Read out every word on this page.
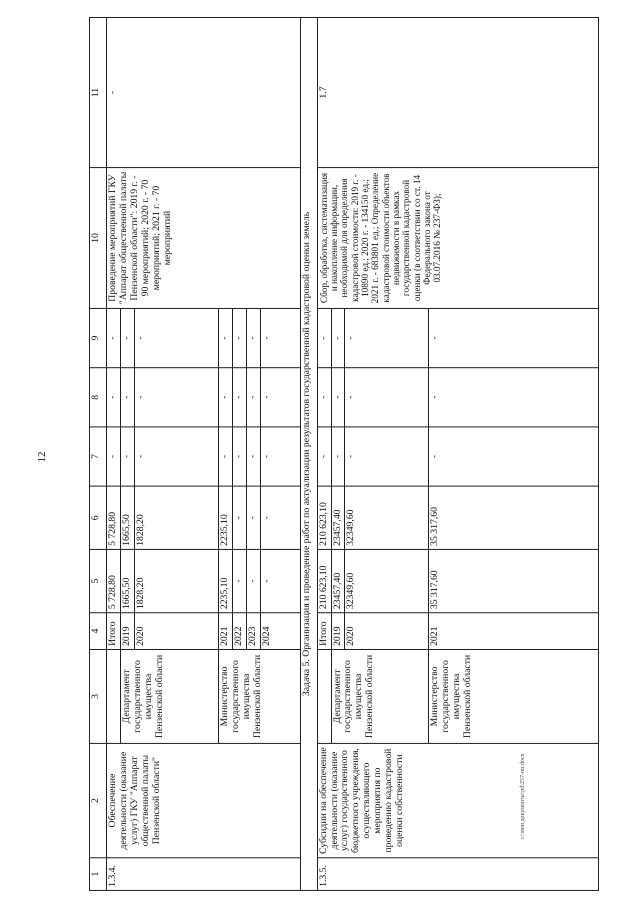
12
1	2	3	4	5	6	7	8	9	10	11
1.3.4.	Обеспечение деятельности (оказание услуг) ГКУ "Аппарат общественной палаты Пензенской области"		Итого	5 728,80	5 728,80	-	-	-	Проведение мероприятий ГКУ "Аппарат общественной палаты Пензенской области": 2019 г. - 90 мероприятий; 2020 г. - 70 мероприятий; 2021 г. - 70 мероприятий	-
		Департамент государственного имущества Пензенской области	2019	1665,50	1665,50	-	-	-		
			2020	1828,20	1828,20	-	-	-		
		Министерство государственного имущества Пензенской области	2021	2235,10	2235,10	-	-	-		
			2022	-	-	-	-	-		
			2023	-	-	-	-	-		
			2024	-	-	-	-	-		
Задача 5. Организация и проведение работ по актуализации результатов государственной кадастровой оценки земель										
1.3.5.	Субсидии на обеспечение деятельности (оказание услуг) государственного бюджетного учреждения, осуществляющего мероприятия по проведению кадастровой оценки собственности		Итого	210 623,10	210 623,10	-	-	-	Сбор, обработка, систематизация и накопление информации, необходимой для определения кадастровой стоимости: 2019 г. - 10890 ед.; 2020 г. - 134150 ед.; 2021 г. - 683801 ед.; Определение кадастровой стоимости объектов недвижимости в рамках государственной кадастровой оценки (в соответствии со ст. 14 Федерального закона от 03.07.2016 № 237-ФЗ);	1.7
		Департамент государственного имущества Пензенской области	2019	23457,40	23457,40	-	-	-		
			2020	32349,60	32349,60	-	-	-		
		Министерство государственного имущества Пензенской области	2021	35 317,60	35 317,60	-	-	-		
c:\мои документы\pd\257-пп.docx
